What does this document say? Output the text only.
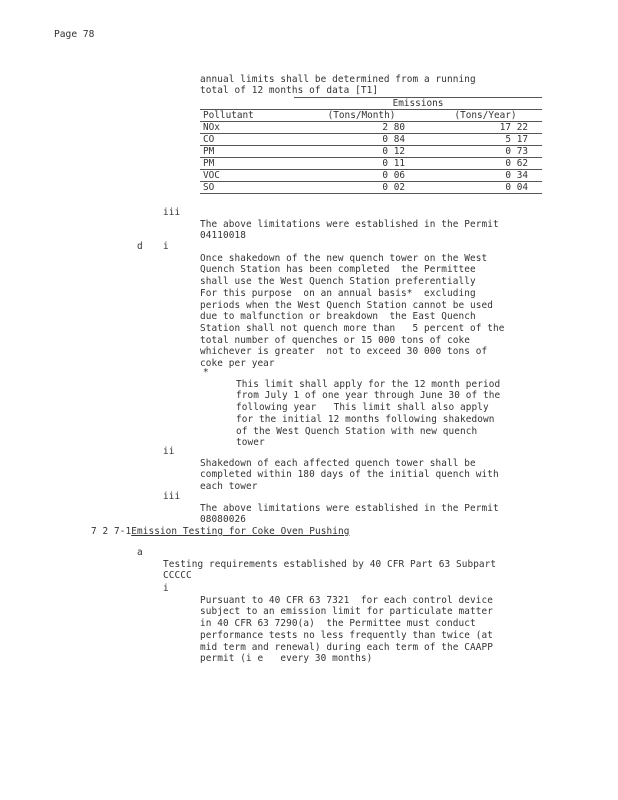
Page 78

annual limits shall be determined from a running
total of 12 months of data [T1]

	Emissions	
Pollutant	(Tons/Month)	(Tons/Year)
NOx	2 80	17 22
CO	0 84	5 17
PM	0 12	0 73
PM	0 11	0 62
VOC	0 06	0 34
SO	0 02	0 04
iii

The above limitations were established in the Permit
04110018

d i

Once shakedown of the new quench tower on the West
Quench Station has been completed  the Permittee
shall use the West Quench Station preferentially
For this purpose  on an annual basis*  excluding
periods when the West Quench Station cannot be used
due to malfunction or breakdown  the East Quench
Station shall not quench more than   5 percent of the
total number of quenches or 15 000 tons of coke
whichever is greater  not to exceed 30 000 tons of
coke per year

*

This limit shall apply for the 12 month period
from July 1 of one year through June 30 of the
following year   This limit shall also apply
for the initial 12 months following shakedown
of the West Quench Station with new quench
tower

ii

Shakedown of each affected quench tower shall be
completed within 180 days of the initial quench with
each tower

iii

The above limitations were established in the Permit
08080026

7 2 7-1Emission Testing for Coke Oven Pushing
a

Testing requirements established by 40 CFR Part 63 Subpart
CCCCC

i

Pursuant to 40 CFR 63 7321  for each control device
subject to an emission limit for particulate matter
in 40 CFR 63 7290(a)  the Permittee must conduct
performance tests no less frequently than twice (at
mid term and renewal) during each term of the CAAPP
permit (i e   every 30 months)
